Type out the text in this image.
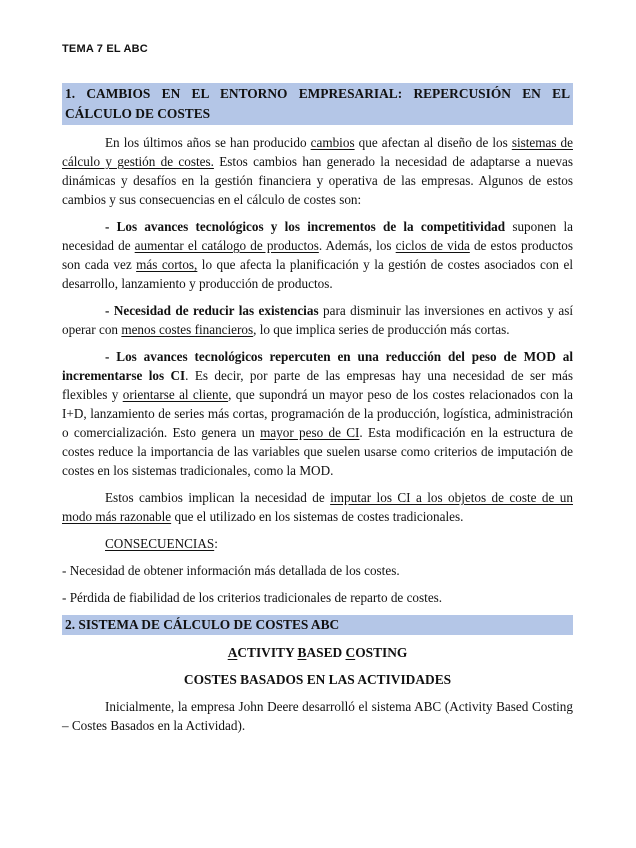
TEMA 7 EL ABC
1. CAMBIOS EN EL ENTORNO EMPRESARIAL: REPERCUSIÓN EN EL CÁLCULO DE COSTES

En los últimos años se han producido cambios que afectan al diseño de los sistemas de cálculo y gestión de costes. Estos cambios han generado la necesidad de adaptarse a nuevas dinámicas y desafíos en la gestión financiera y operativa de las empresas. Algunos de estos cambios y sus consecuencias en el cálculo de costes son:

- Los avances tecnológicos y los incrementos de la competitividad suponen la necesidad de aumentar el catálogo de productos. Además, los ciclos de vida de estos productos son cada vez más cortos, lo que afecta la planificación y la gestión de costes asociados con el desarrollo, lanzamiento y producción de productos.

- Necesidad de reducir las existencias para disminuir las inversiones en activos y así operar con menos costes financieros, lo que implica series de producción más cortas.

- Los avances tecnológicos repercuten en una reducción del peso de MOD al incrementarse los CI. Es decir, por parte de las empresas hay una necesidad de ser más flexibles y orientarse al cliente, que supondrá un mayor peso de los costes relacionados con la I+D, lanzamiento de series más cortas, programación de la producción, logística, administración o comercialización. Esto genera un mayor peso de CI. Esta modificación en la estructura de costes reduce la importancia de las variables que suelen usarse como criterios de imputación de costes en los sistemas tradicionales, como la MOD.

Estos cambios implican la necesidad de imputar los CI a los objetos de coste de un modo más razonable que el utilizado en los sistemas de costes tradicionales.

CONSECUENCIAS:

- Necesidad de obtener información más detallada de los costes.

- Pérdida de fiabilidad de los criterios tradicionales de reparto de costes.

2. SISTEMA DE CÁLCULO DE COSTES ABC
ACTIVITY BASED COSTING
COSTES BASADOS EN LAS ACTIVIDADES

Inicialmente, la empresa John Deere desarrolló el sistema ABC (Activity Based Costing – Costes Basados en la Actividad).
